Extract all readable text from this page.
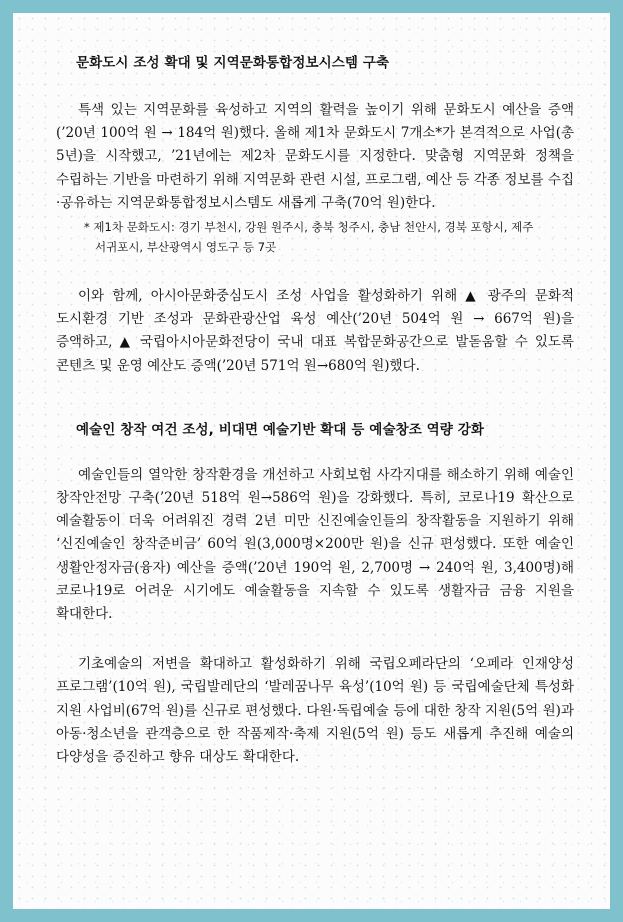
문화도시 조성 확대 및 지역문화통합정보시스템 구축

특색 있는 지역문화를 육성하고 지역의 활력을 높이기 위해 문화도시 예산을 증액(’20년 100억 원 → 184억 원)했다. 올해 제1차 문화도시 7개소*가 본격적으로 사업(총 5년)을 시작했고, ’21년에는 제2차 문화도시를 지정한다. 맞춤형 지역문화 정책을 수립하는 기반을 마련하기 위해 지역문화 관련 시설, 프로그램, 예산 등 각종 정보를 수집·공유하는 지역문화통합정보시스템도 새롭게 구축(70억 원)한다.

* 제1차 문화도시: 경기 부천시, 강원 원주시, 충북 청주시, 충남 천안시, 경북 포항시, 제주 서귀포시, 부산광역시 영도구 등 7곳

이와 함께, 아시아문화중심도시 조성 사업을 활성화하기 위해 ▲ 광주의 문화적 도시환경 기반 조성과 문화관광산업 육성 예산(’20년 504억 원 → 667억 원)을 증액하고, ▲ 국립아시아문화전당이 국내 대표 복합문화공간으로 발돋움할 수 있도록 콘텐츠 및 운영 예산도 증액(’20년 571억 원→680억 원)했다.

예술인 창작 여건 조성, 비대면 예술기반 확대 등 예술창조 역량 강화

예술인들의 열악한 창작환경을 개선하고 사회보험 사각지대를 해소하기 위해 예술인 창작안전망 구축(’20년 518억 원→586억 원)을 강화했다. 특히, 코로나19 확산으로 예술활동이 더욱 어려워진 경력 2년 미만 신진예술인들의 창작활동을 지원하기 위해 ‘신진예술인 창작준비금’ 60억 원(3,000명×200만 원)을 신규 편성했다. 또한 예술인 생활안정자금(융자) 예산을 증액(’20년 190억 원, 2,700명 → 240억 원, 3,400명)해 코로나19로 어려운 시기에도 예술활동을 지속할 수 있도록 생활자금 금융 지원을 확대한다.

기초예술의 저변을 확대하고 활성화하기 위해 국립오페라단의 ‘오페라 인재양성 프로그램’(10억 원), 국립발레단의 ‘발레꿈나무 육성’(10억 원) 등 국립예술단체 특성화 지원 사업비(67억 원)를 신규로 편성했다. 다원·독립예술 등에 대한 창작 지원(5억 원)과 아동·청소년을 관객층으로 한 작품제작·축제 지원(5억 원) 등도 새롭게 추진해 예술의 다양성을 증진하고 향유 대상도 확대한다.
